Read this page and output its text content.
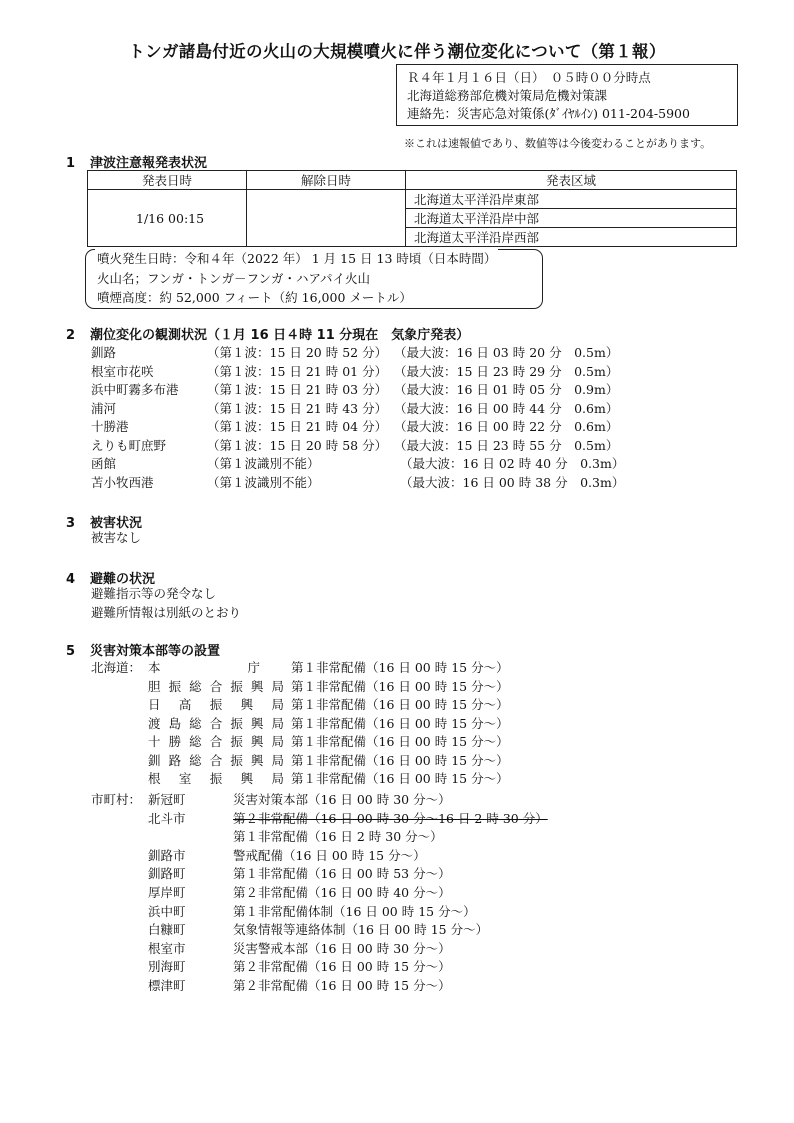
トンガ諸島付近の火山の大規模噴火に伴う潮位変化について（第１報）
Ｒ４年１月１６日（日）　０５時００分時点
北海道総務部危機対策局危機対策課
連絡先：災害応急対策係(ﾀﾞｲﾔﾙｲﾝ) 011-204-5900
※これは速報値であり、数値等は今後変わることがあります。
1 津波注意報発表状況
発表日時	解除日時	発表区域
1/16 00:15		北海道太平洋沿岸東部
		北海道太平洋沿岸中部
		北海道太平洋沿岸西部
噴火発生日時：令和４年（2022 年） 1 月 15 日 13 時頃（日本時間）
火山名；フンガ・トンガ－フンガ・ハアパイ火山
噴煙高度：約 52,000 フィート（約 16,000 メートル）
2 潮位変化の観測状況（１月 16 日４時 11 分現在　気象庁発表）
釧路	（第１波：15 日 20 時 52 分） （最大波：16 日 03 時 20 分　0.5m）
根室市花咲	（第１波：15 日 21 時 01 分） （最大波：15 日 23 時 29 分　0.5m）
浜中町霧多布港 （第１波：15 日 21 時 03 分） （最大波：16 日 01 時 05 分　0.9m）
浦河	（第１波：15 日 21 時 43 分） （最大波：16 日 00 時 44 分　0.6m）
十勝港	（第１波：15 日 21 時 04 分） （最大波：16 日 00 時 22 分　0.6m）
えりも町庶野	（第１波：15 日 20 時 58 分） （最大波：15 日 23 時 55 分　0.5m）
函館	（第１波識別不能）	（最大波：16 日 02 時 40 分　0.3m）
苫小牧西港	（第１波識別不能）	（最大波：16 日 00 時 38 分　0.3m）
3 被害状況
被害なし
4 避難の状況
避難指示等の発令なし
避難所情報は別紙のとおり
5 災害対策本部等の設置
北海道： 本庁 第１非常配備（16 日 00 時 15 分～）
胆振総合振興局 第１非常配備（16 日 00 時 15 分～）
日高振興局 第１非常配備（16 日 00 時 15 分～）
渡島総合振興局 第１非常配備（16 日 00 時 15 分～）
十勝総合振興局 第１非常配備（16 日 00 時 15 分～）
釧路総合振興局 第１非常配備（16 日 00 時 15 分～）
根室振興局 第１非常配備（16 日 00 時 15 分～）
市町村： 新冠町	災害対策本部（16 日 00 時 30 分～）
北斗市	第２非常配備（16 日 00 時 30 分～16 日 2 時 30 分）
第１非常配備（16 日 2 時 30 分～）
釧路市	警戒配備（16 日 00 時 15 分～）
釧路町	第１非常配備（16 日 00 時 53 分～）
厚岸町	第２非常配備（16 日 00 時 40 分～）
浜中町	第１非常配備体制（16 日 00 時 15 分～）
白糠町	気象情報等連絡体制（16 日 00 時 15 分～）
根室市	災害警戒本部（16 日 00 時 30 分～）
別海町	第２非常配備（16 日 00 時 15 分～）
標津町	第２非常配備（16 日 00 時 15 分～）
